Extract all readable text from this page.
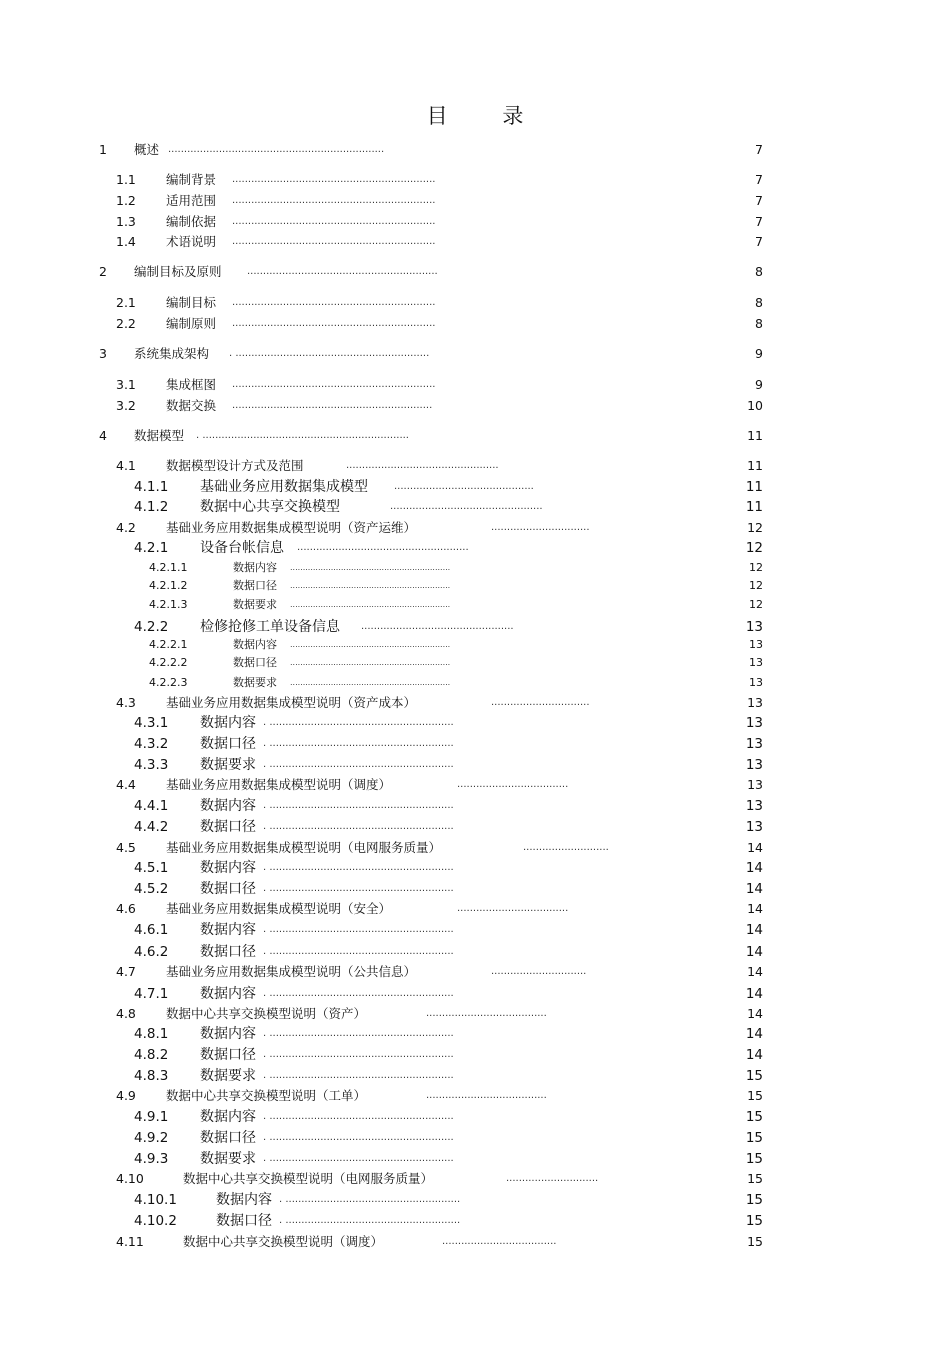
目 录
1 概述 ....................................................................	7
1.1 编制背景 ................................................................	7
1.2 适用范围 ................................................................	7
1.3 编制依据 ................................................................	7
1.4 术语说明 ................................................................	7
2 编制目标及原则	............................................................	8
2.1 编制目标 ................................................................	8
2.2 编制原则 ................................................................	8
3 系统集成架构 . .............................................................	9
3.1 集成框图 ................................................................	9
3.2 数据交换 ...............................................................	10
4 数据模型 . .................................................................	11
4.1 数据模型设计方式及范围	................................................	11
4.1.1 基础业务应用数据集成模型	............................................	11
4.1.2 数据中心共享交换模型	................................................	11
4.2 基础业务应用数据集成模型说明（资产运维）	...............................	12
4.2.1 设备台帐信息 ......................................................	12
4.2.1.1	数据内容 ...............................................................	12
4.2.1.2	数据口径 ...............................................................	12
4.2.1.3	数据要求 ...............................................................	12
4.2.2 检修抢修工单设备信息 ................................................	13
4.2.2.1	数据内容 ...............................................................	13
4.2.2.2	数据口径 ...............................................................	13
4.2.2.3	数据要求 ...............................................................	13
4.3 基础业务应用数据集成模型说明（资产成本）	...............................	13
4.3.1 数据内容 . ..........................................................	13
4.3.2 数据口径 . ..........................................................	13
4.3.3 数据要求 . ..........................................................	13
4.4 基础业务应用数据集成模型说明（调度）	...................................	13
4.4.1 数据内容 . ..........................................................	13
4.4.2 数据口径 . ..........................................................	13
4.5 基础业务应用数据集成模型说明（电网服务质量）	...........................	14
4.5.1 数据内容 . ..........................................................	14
4.5.2 数据口径 . ..........................................................	14
4.6 基础业务应用数据集成模型说明（安全）	...................................	14
4.6.1 数据内容 . ..........................................................	14
4.6.2 数据口径 . ..........................................................	14
4.7 基础业务应用数据集成模型说明（公共信息）	..............................	14
4.7.1 数据内容 . ..........................................................	14
4.8 数据中心共享交换模型说明（资产）	......................................	14
4.8.1 数据内容 . ..........................................................	14
4.8.2 数据口径 . ..........................................................	14
4.8.3 数据要求 . ..........................................................	15
4.9 数据中心共享交换模型说明（工单）	......................................	15
4.9.1 数据内容 . ..........................................................	15
4.9.2 数据口径 . ..........................................................	15
4.9.3 数据要求 . ..........................................................	15
4.10	数据中心共享交换模型说明（电网服务质量）	.............................	15
4.10.1	数据内容 . .......................................................	15
4.10.2	数据口径 . .......................................................	15
4.11	数据中心共享交换模型说明（调度）	....................................	15
